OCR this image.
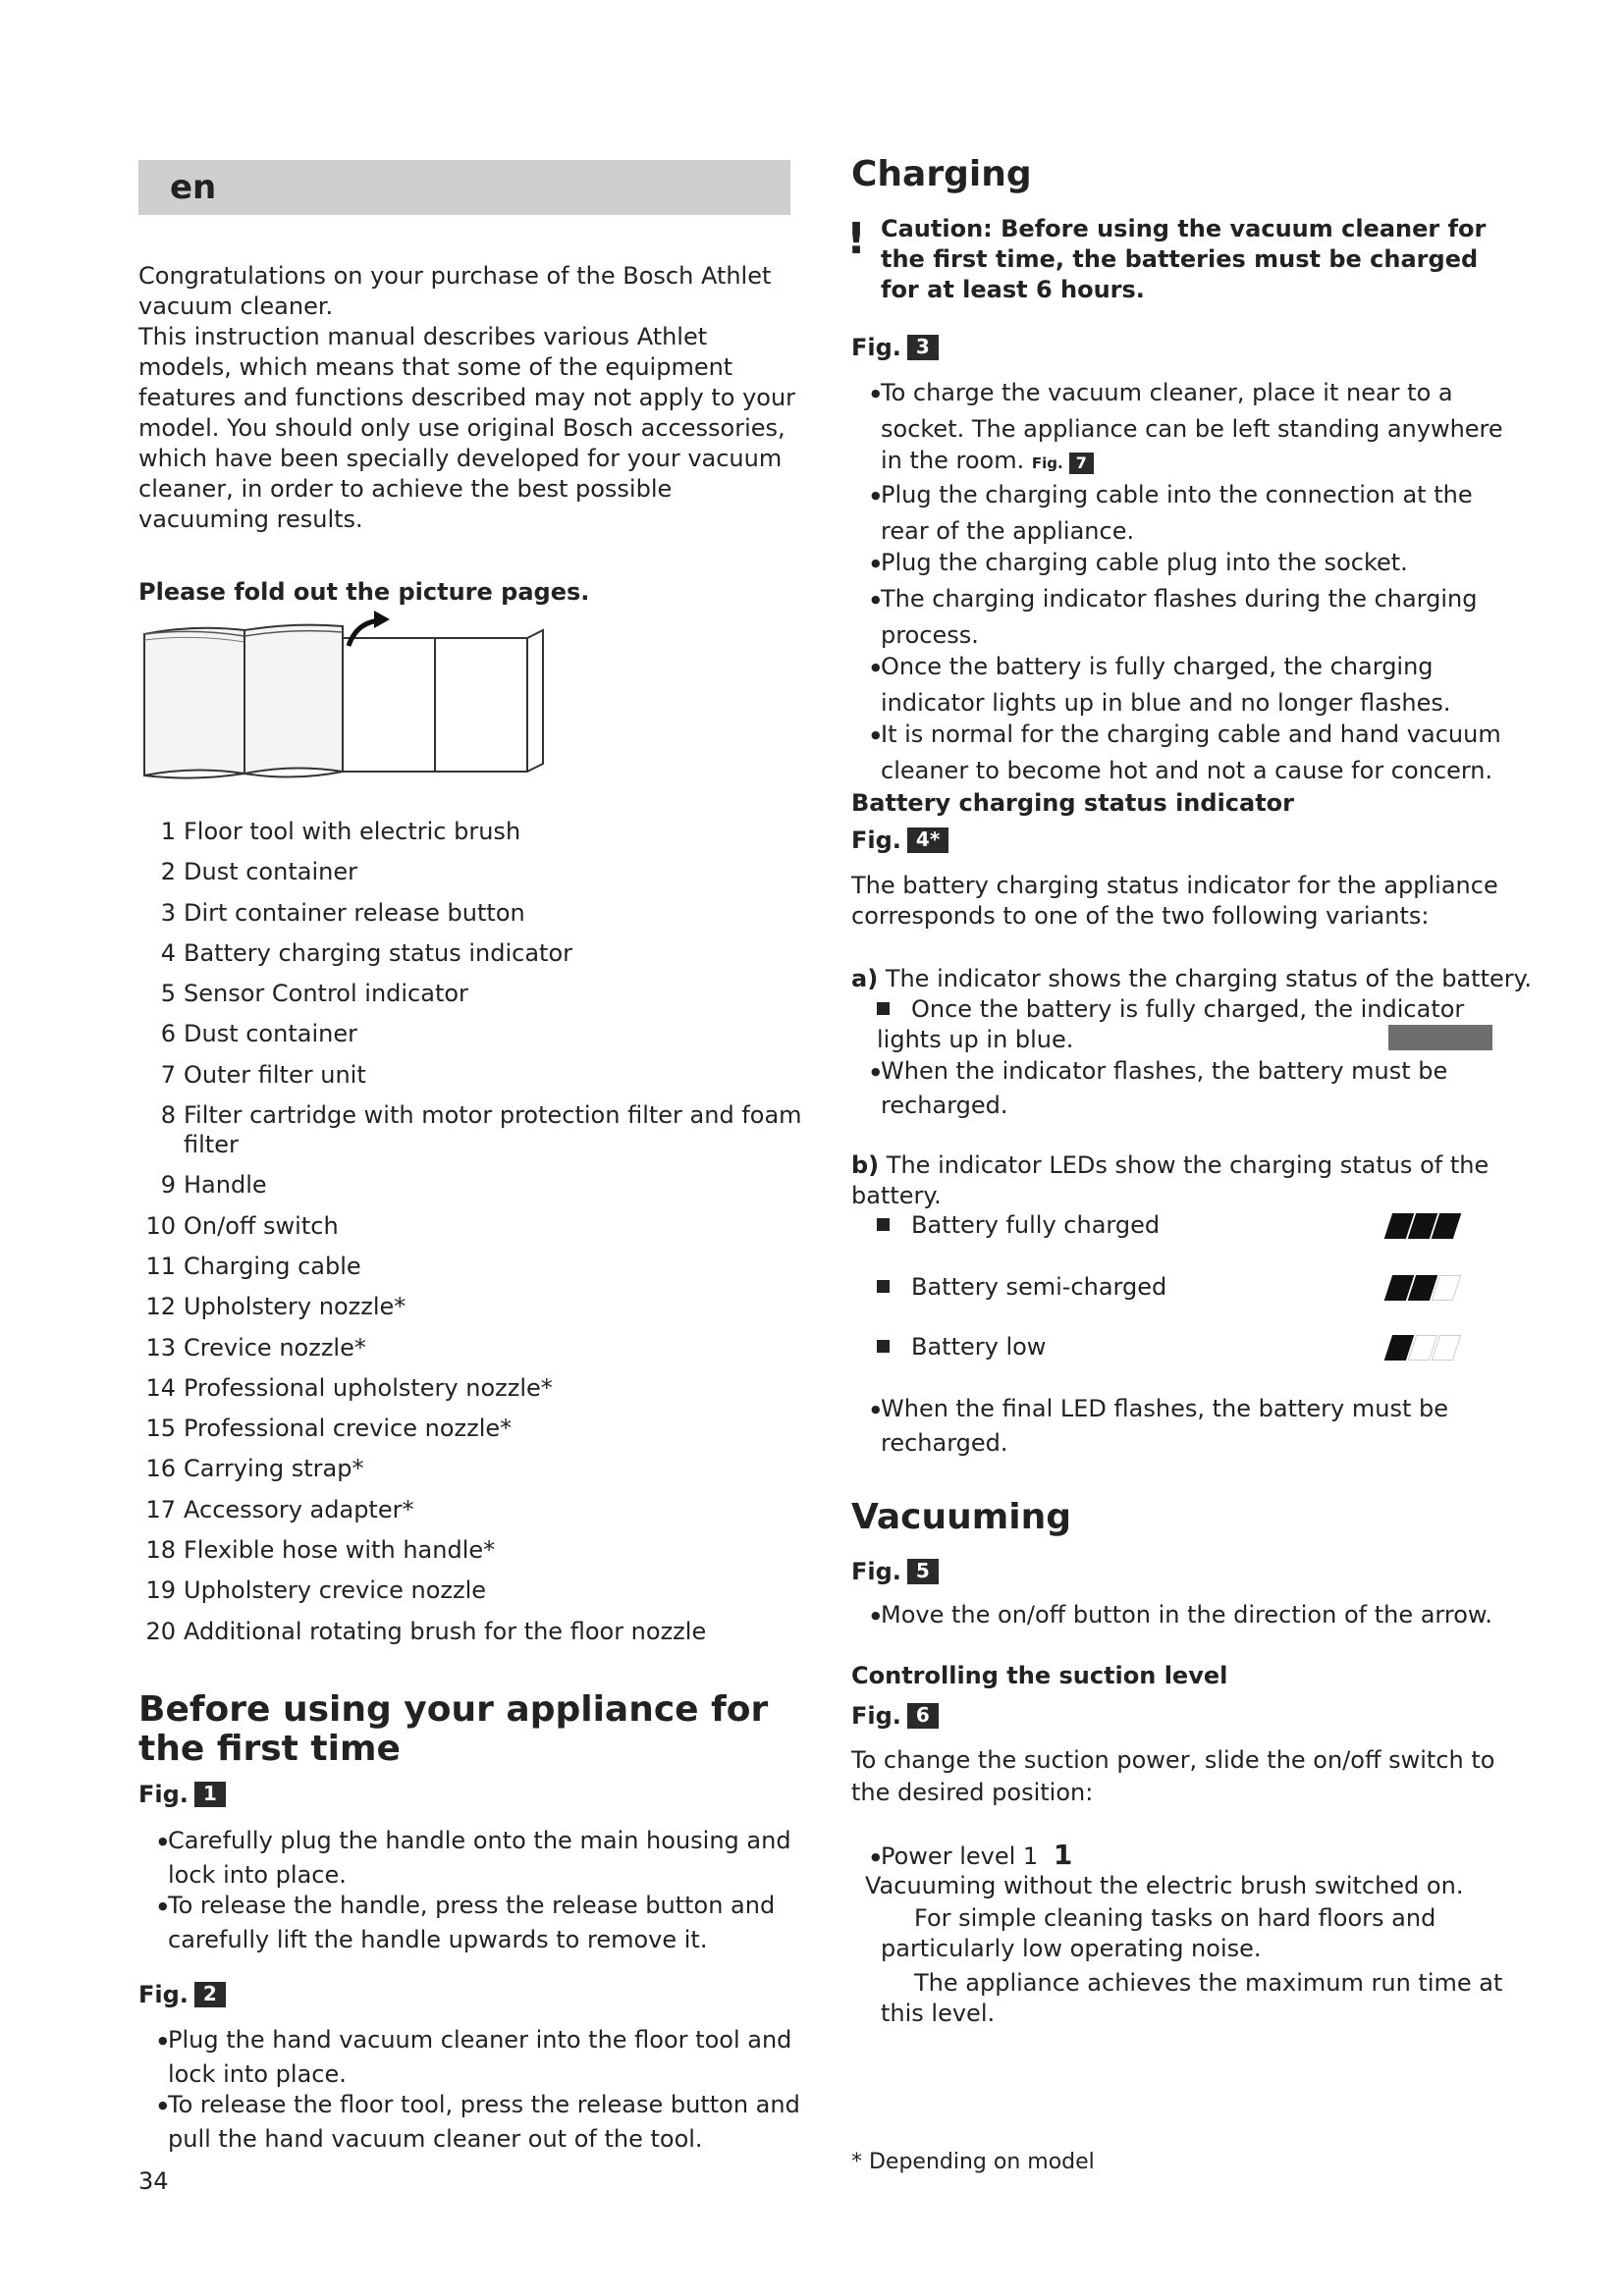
en
Congratulations on your purchase of the Bosch Athlet vacuum cleaner.
This instruction manual describes various Athlet models, which means that some of the equipment features and functions described may not apply to your model. You should only use original Bosch accessories, which have been specially developed for your vacuum cleaner, in order to achieve the best possible vacuuming results.
Please fold out the picture pages.
1 Floor tool with electric brush
2 Dust container
3 Dirt container release button
4 Battery charging status indicator
5 Sensor Control indicator
6 Dust container
7 Outer filter unit
8 Filter cartridge with motor protection filter and foam filter
9 Handle
10 On/off switch
11 Charging cable
12 Upholstery nozzle*
13 Crevice nozzle*
14 Professional upholstery nozzle*
15 Professional crevice nozzle*
16 Carrying strap*
17 Accessory adapter*
18 Flexible hose with handle*
19 Upholstery crevice nozzle
20 Additional rotating brush for the floor nozzle
Before using your appliance for the first time
Fig. 1
●Carefully plug the handle onto the main housing and lock into place.
●To release the handle, press the release button and carefully lift the handle upwards to remove it.
Fig. 2
●Plug the hand vacuum cleaner into the floor tool and lock into place.
●To release the floor tool, press the release button and pull the hand vacuum cleaner out of the tool.
34
Charging
! Caution: Before using the vacuum cleaner for the first time, the batteries must be charged for at least 6 hours.
Fig. 3
●To charge the vacuum cleaner, place it near to a socket. The appliance can be left standing anywhere in the room. Fig. 7
●Plug the charging cable into the connection at the rear of the appliance.
●Plug the charging cable plug into the socket.
●The charging indicator flashes during the charging process.
●Once the battery is fully charged, the charging indicator lights up in blue and no longer flashes.
●It is normal for the charging cable and hand vacuum cleaner to become hot and not a cause for concern.
Battery charging status indicator
Fig. 4*
The battery charging status indicator for the appliance corresponds to one of the two following variants:
a) The indicator shows the charging status of the battery.
Once the battery is fully charged, the indicator lights up in blue.
●When the indicator flashes, the battery must be recharged.
b) The indicator LEDs show the charging status of the battery.
Battery fully charged
Battery semi-charged
Battery low
●When the final LED flashes, the battery must be recharged.
Vacuuming
Fig. 5
●Move the on/off button in the direction of the arrow.
Controlling the suction level
Fig. 6
To change the suction power, slide the on/off switch to the desired position:
●Power level 1 1
Vacuuming without the electric brush switched on.
For simple cleaning tasks on hard floors and particularly low operating noise.
The appliance achieves the maximum run time at this level.
* Depending on model
